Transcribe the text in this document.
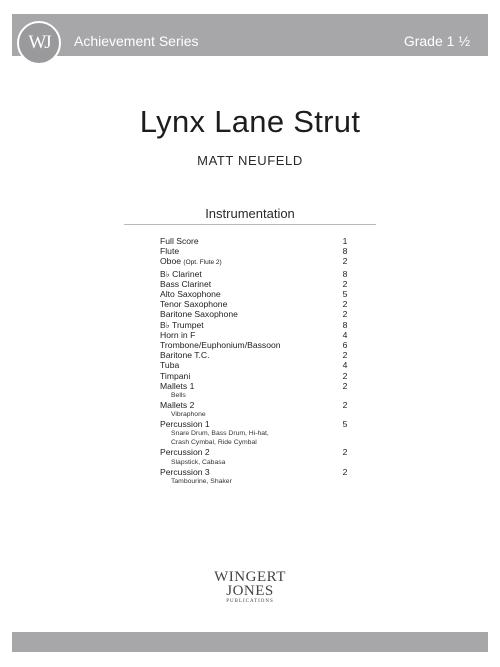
WJ Achievement Series	Grade 1 ½
Lynx Lane Strut
MATT NEUFELD
Instrumentation
Full Score	1
Flute	8
Oboe (Opt. Flute 2)	2
B♭ Clarinet	8
Bass Clarinet	2
Alto Saxophone	5
Tenor Saxophone	2
Baritone Saxophone	2
B♭ Trumpet	8
Horn in F	4
Trombone/Euphonium/Bassoon	6
Baritone T.C.	2
Tuba	4
Timpani	2
Mallets 1	2
Bells
Mallets 2	2
Vibraphone
Percussion 1	5
Snare Drum, Bass Drum, Hi-hat,
Crash Cymbal, Ride Cymbal
Percussion 2	2
Slapstick, Cabasa
Percussion 3	2
Tambourine, Shaker
WINGERT
JONES
PUBLICATIONS
